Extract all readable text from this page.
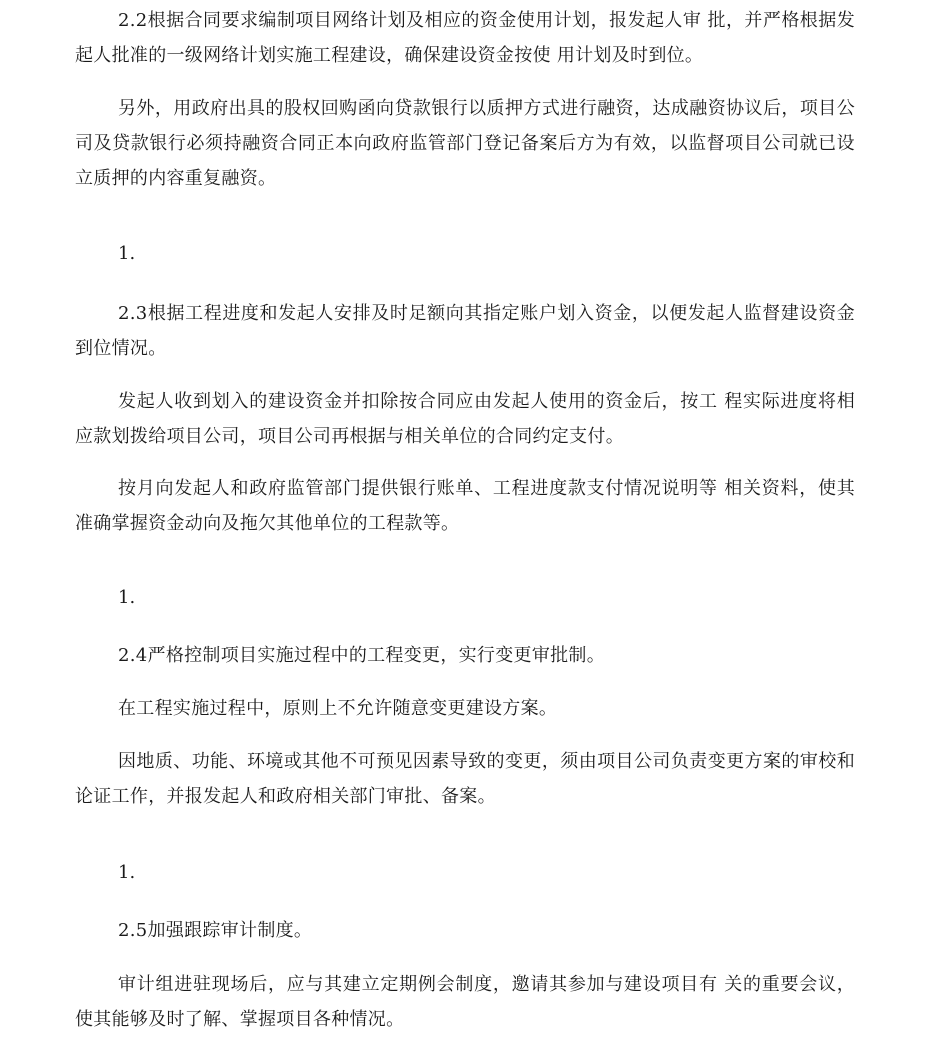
2.2根据合同要求编制项目网络计划及相应的资金使用计划，报发起人审 批，并严格根据发起人批准的一级网络计划实施工程建设，确保建设资金按使 用计划及时到位。

另外，用政府出具的股权回购函向贷款银行以质押方式进行融资，达成融资协议后，项目公司及贷款银行必须持融资合同正本向政府监管部门登记备案后方为有效，以监督项目公司就已设立质押的内容重复融资。

1.

2.3根据工程进度和发起人安排及时足额向其指定账户划入资金，以便发起人监督建设资金到位情况。

发起人收到划入的建设资金并扣除按合同应由发起人使用的资金后，按工 程实际进度将相应款划拨给项目公司，项目公司再根据与相关单位的合同约定支付。

按月向发起人和政府监管部门提供银行账单、工程进度款支付情况说明等 相关资料，使其准确掌握资金动向及拖欠其他单位的工程款等。

1.

2.4严格控制项目实施过程中的工程变更，实行变更审批制。

在工程实施过程中，原则上不允许随意变更建设方案。

因地质、功能、环境或其他不可预见因素导致的变更，须由项目公司负责变更方案的审校和论证工作，并报发起人和政府相关部门审批、备案。

1.

2.5加强跟踪审计制度。

审计组进驻现场后，应与其建立定期例会制度，邀请其参加与建设项目有 关的重要会议，使其能够及时了解、掌握项目各种情况。
